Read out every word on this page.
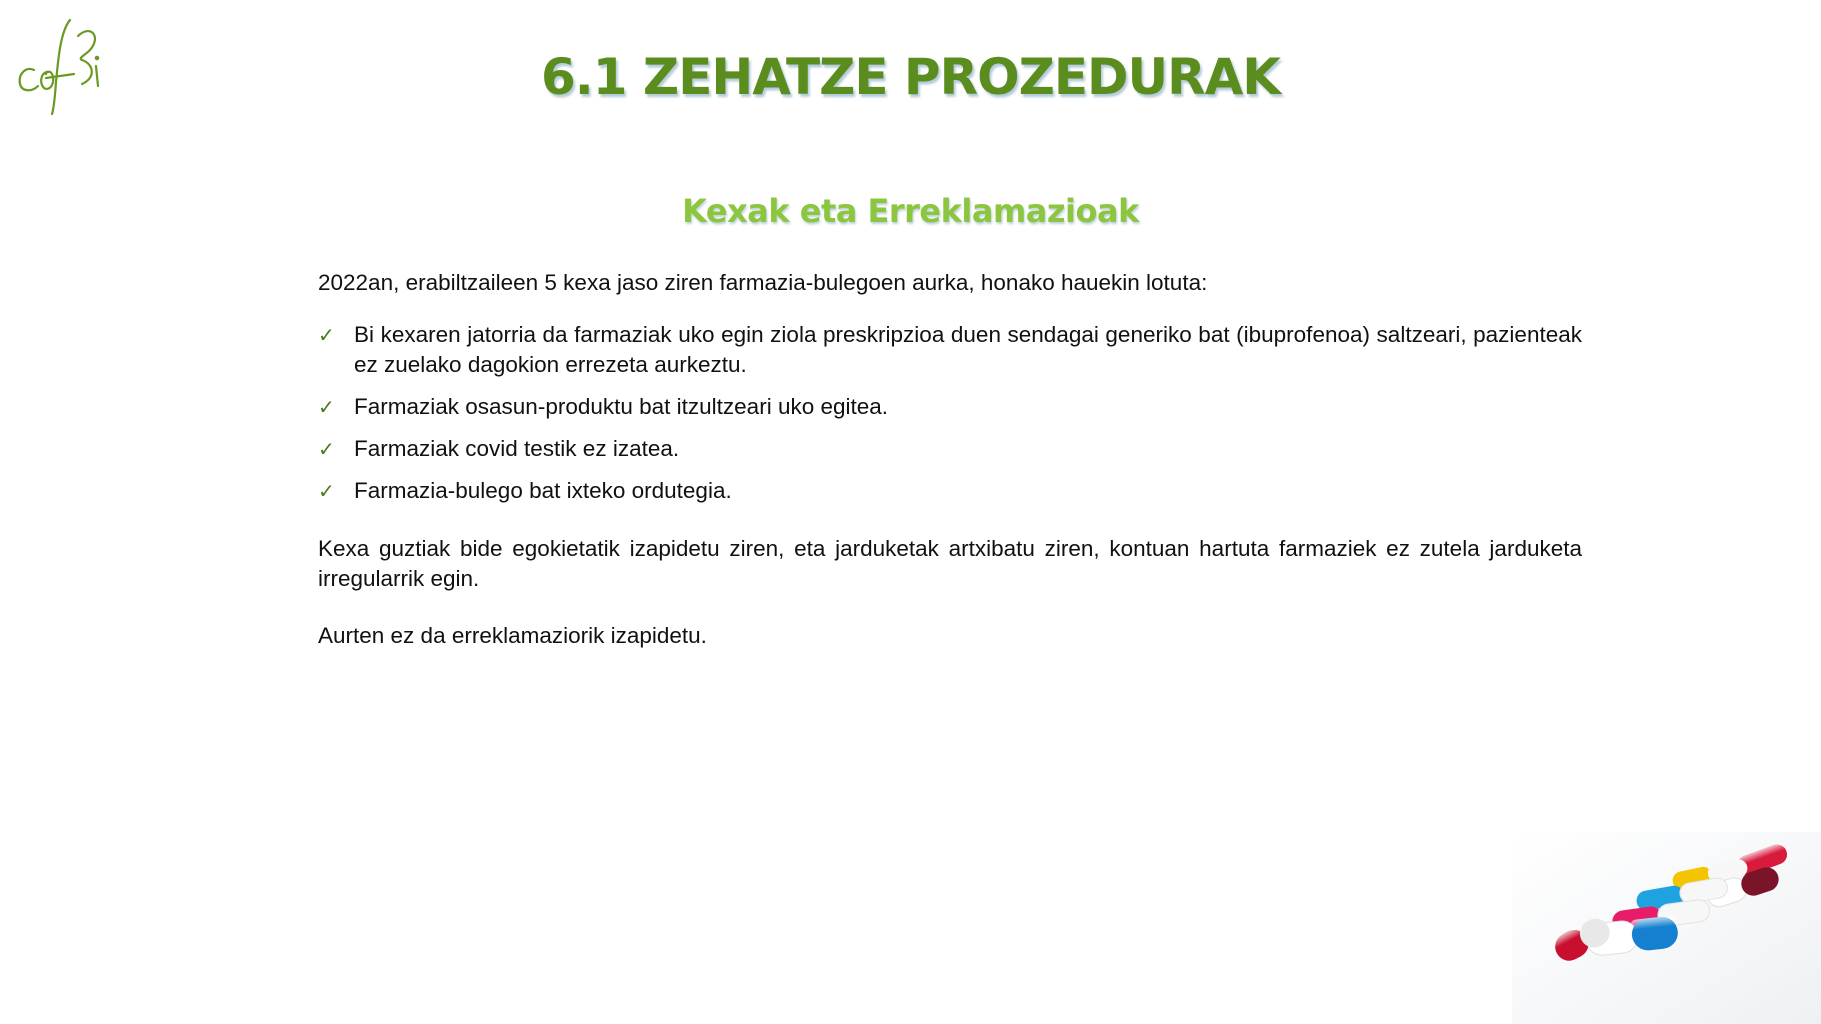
6.1 ZEHATZE PROZEDURAK
Kexak eta Erreklamazioak

2022an, erabiltzaileen 5 kexa jaso ziren farmazia-bulegoen aurka, honako hauekin lotuta:

✓ Bi kexaren jatorria da farmaziak uko egin ziola preskripzioa duen sendagai generiko bat (ibuprofenoa) saltzeari, pazienteak ez zuelako dagokion errezeta aurkeztu.
✓ Farmaziak osasun-produktu bat itzultzeari uko egitea.
✓ Farmaziak covid testik ez izatea.
✓ Farmazia-bulego bat ixteko ordutegia.

Kexa guztiak bide egokietatik izapidetu ziren, eta jarduketak artxibatu ziren, kontuan hartuta farmaziek ez zutela jarduketa irregularrik egin.

Aurten ez da erreklamaziorik izapidetu.
